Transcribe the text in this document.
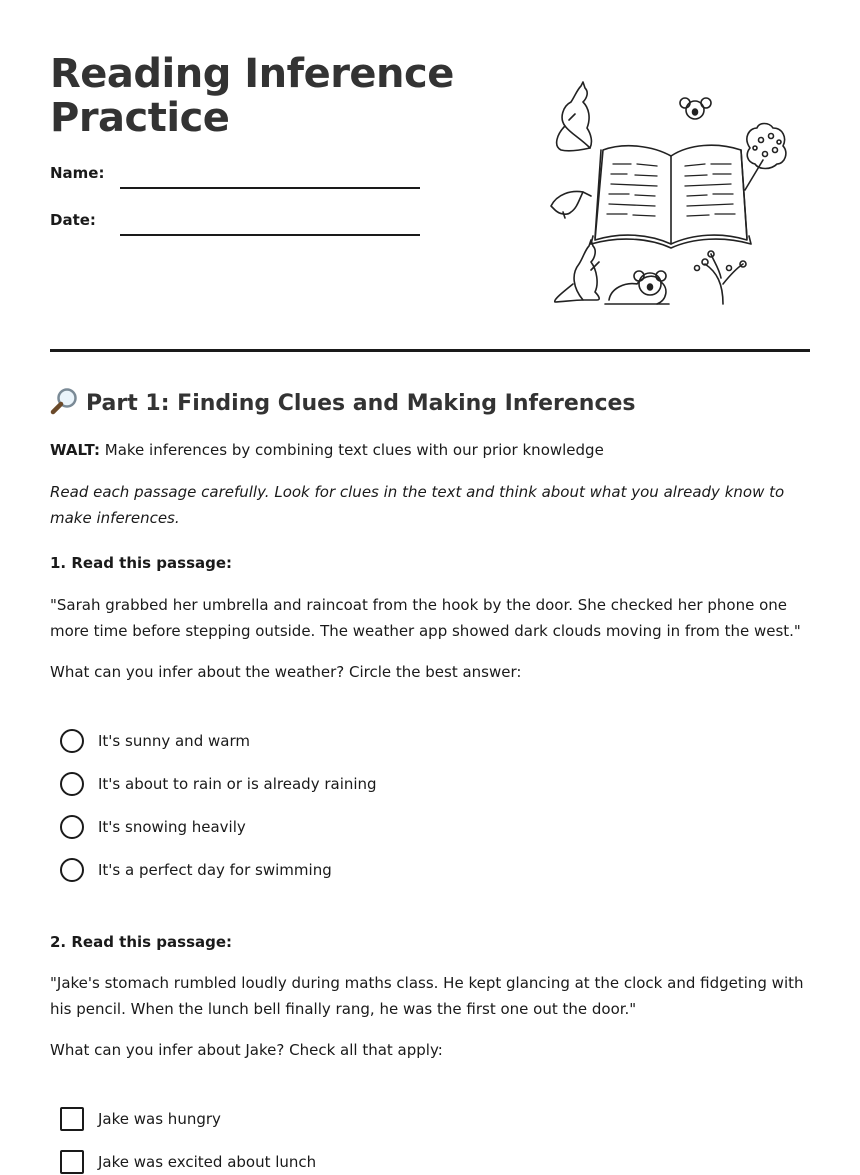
Reading Inference Practice
Name:
Date:
Part 1: Finding Clues and Making Inferences

WALT: Make inferences by combining text clues with our prior knowledge

Read each passage carefully. Look for clues in the text and think about what you already know to make inferences.

1. Read this passage:

"Sarah grabbed her umbrella and raincoat from the hook by the door. She checked her phone one more time before stepping outside. The weather app showed dark clouds moving in from the west."

What can you infer about the weather? Circle the best answer:

It's sunny and warm
It's about to rain or is already raining
It's snowing heavily
It's a perfect day for swimming

2. Read this passage:

"Jake's stomach rumbled loudly during maths class. He kept glancing at the clock and fidgeting with his pencil. When the lunch bell finally rang, he was the first one out the door."

What can you infer about Jake? Check all that apply:

Jake was hungry
Jake was excited about lunch
